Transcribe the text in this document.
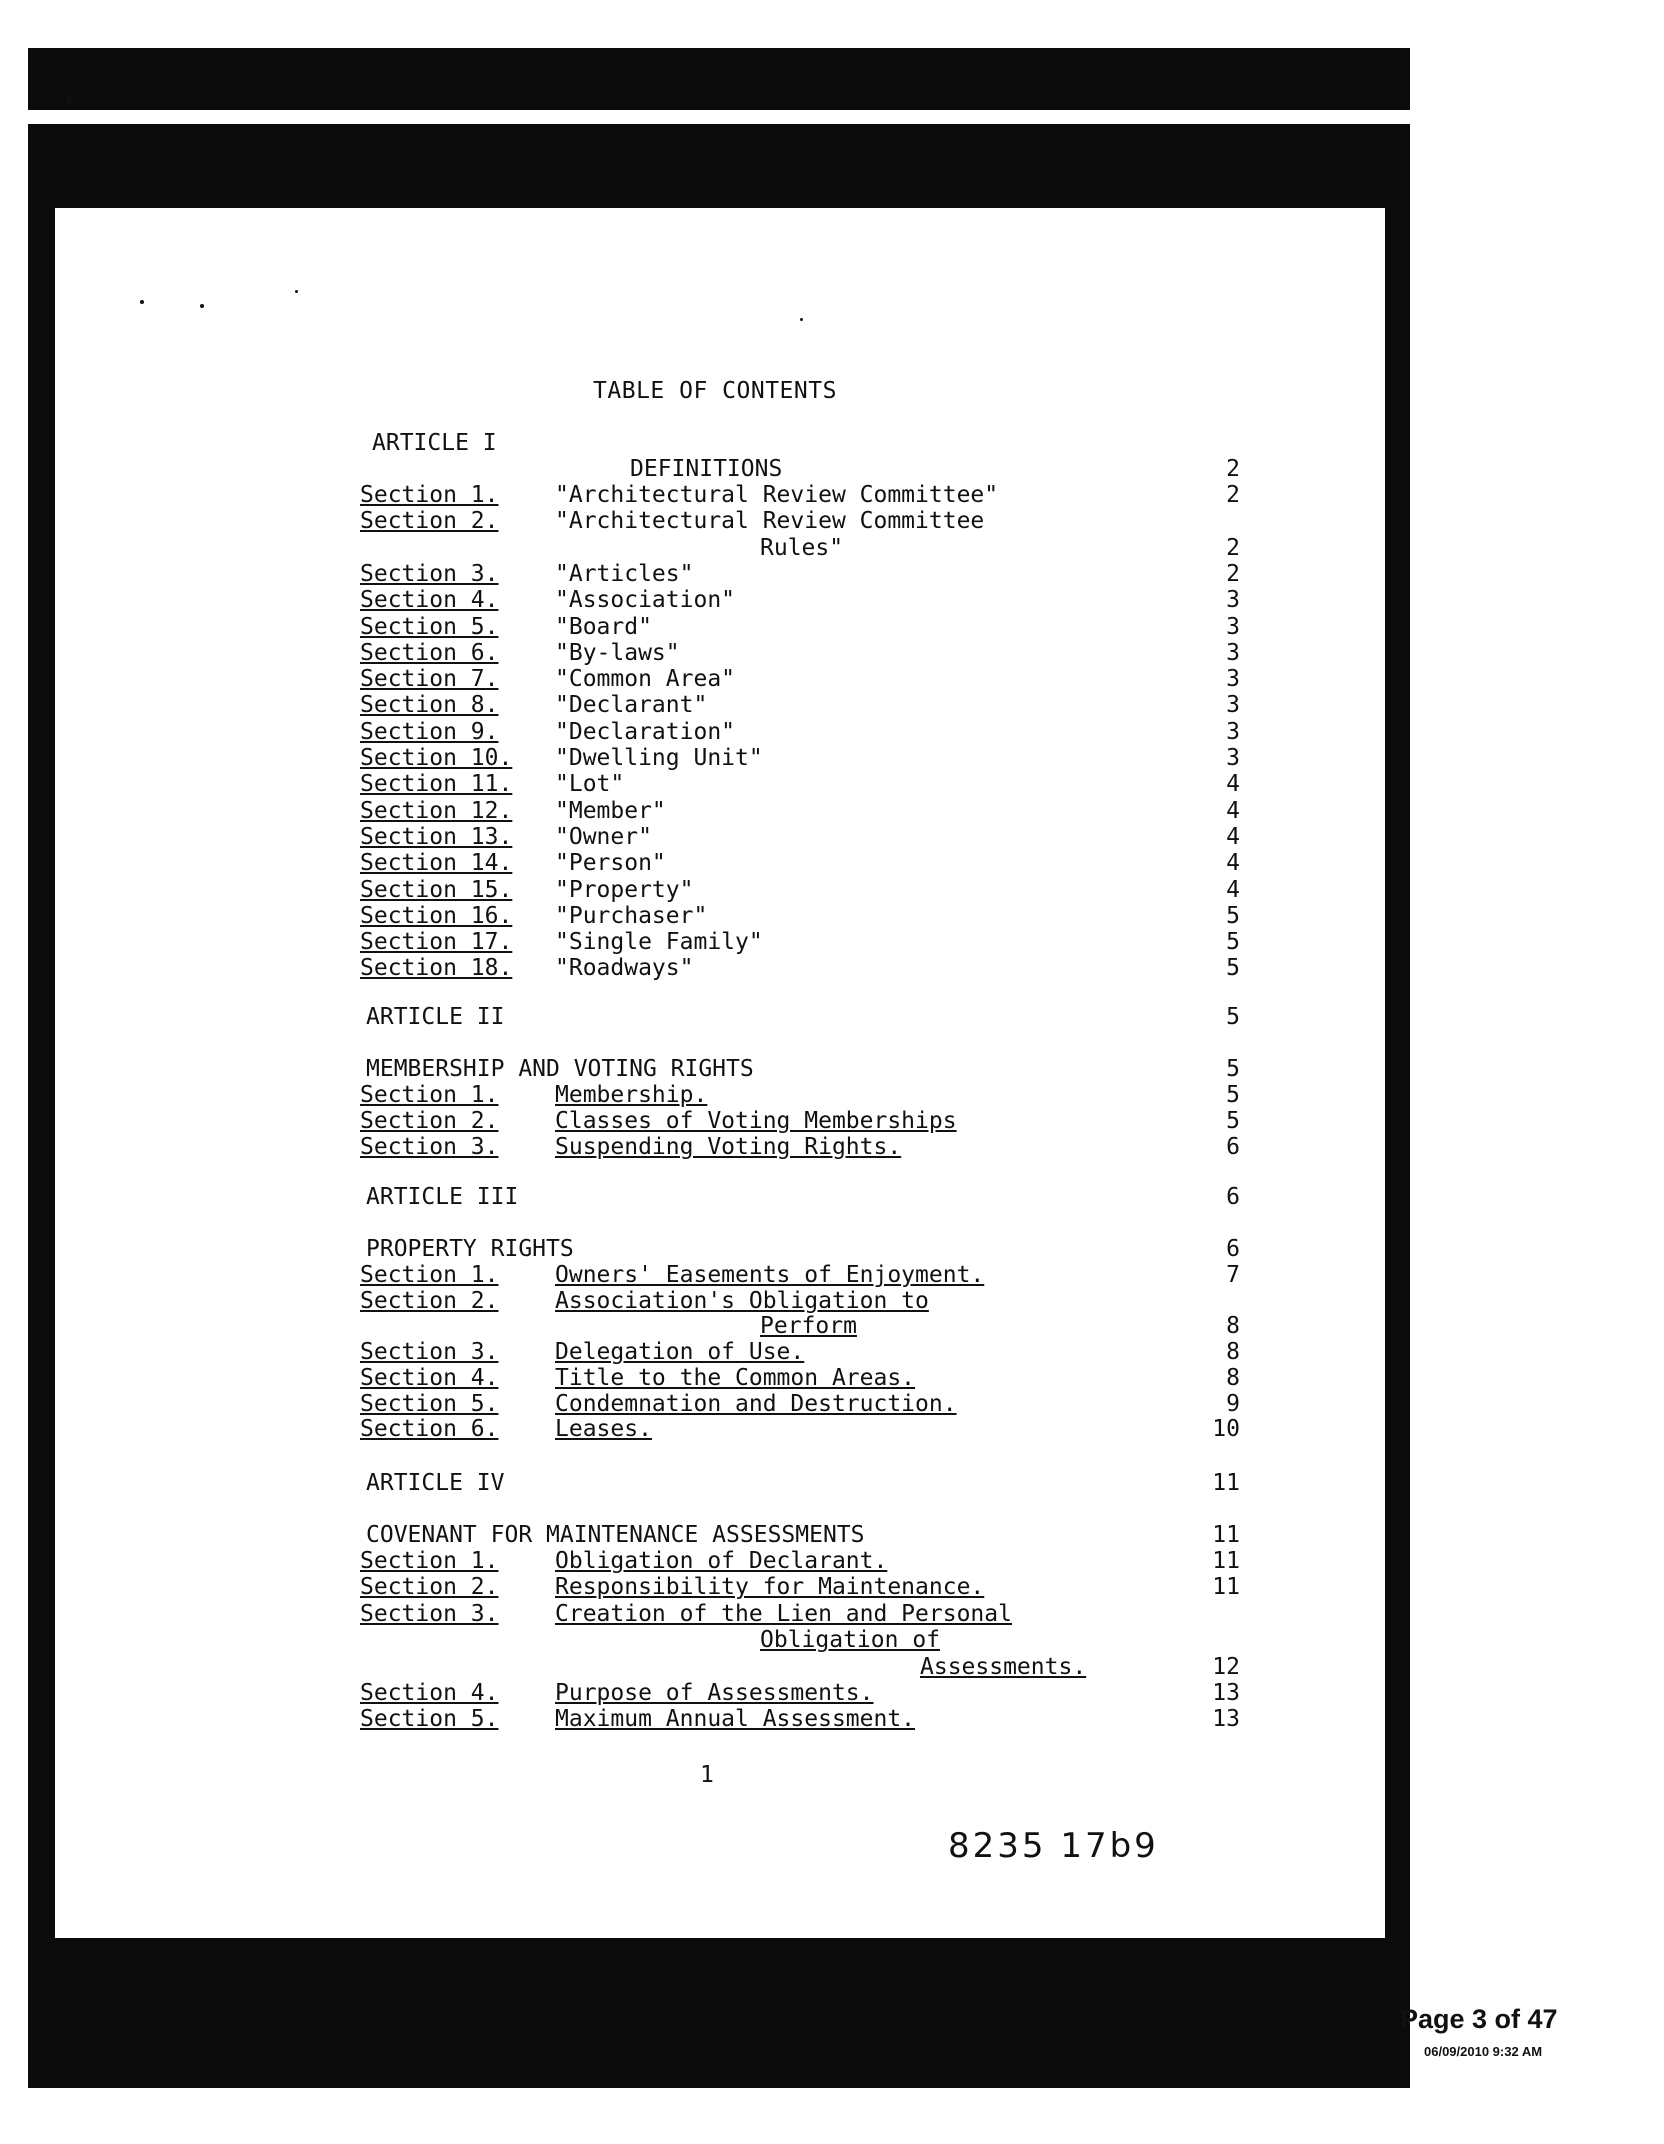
TABLE OF CONTENTS
ARTICLE I
DEFINITIONS	2
Section 1. "Architectural Review Committee"	2
Section 2. "Architectural Review Committee
Rules"	2
Section 3. "Articles"	2
Section 4. "Association"	3
Section 5. "Board"	3
Section 6. "By-laws"	3
Section 7. "Common Area"	3
Section 8. "Declarant"	3
Section 9. "Declaration"	3
Section 10. "Dwelling Unit"	3
Section 11. "Lot"	4
Section 12. "Member"	4
Section 13. "Owner"	4
Section 14. "Person"	4
Section 15. "Property"	4
Section 16. "Purchaser"	5
Section 17. "Single Family"	5
Section 18. "Roadways"	5
ARTICLE II	5
MEMBERSHIP AND VOTING RIGHTS	5
Section 1. Membership.	5
Section 2. Classes of Voting Memberships	5
Section 3. Suspending Voting Rights.	6
ARTICLE III	6
PROPERTY RIGHTS	6
Section 1. Owners' Easements of Enjoyment.	7
Section 2. Association's Obligation to
Perform	8
Section 3. Delegation of Use.	8
Section 4. Title to the Common Areas.	8
Section 5. Condemnation and Destruction.	9
Section 6. Leases.	10
ARTICLE IV	11
COVENANT FOR MAINTENANCE ASSESSMENTS	11
Section 1. Obligation of Declarant.	11
Section 2. Responsibility for Maintenance.	11
Section 3. Creation of the Lien and Personal
Obligation of
Assessments.	12
Section 4. Purpose of Assessments.	13
Section 5. Maximum Annual Assessment.	13
1
8235 17b9
Page 3 of 47
06/09/2010 9:32 AM
